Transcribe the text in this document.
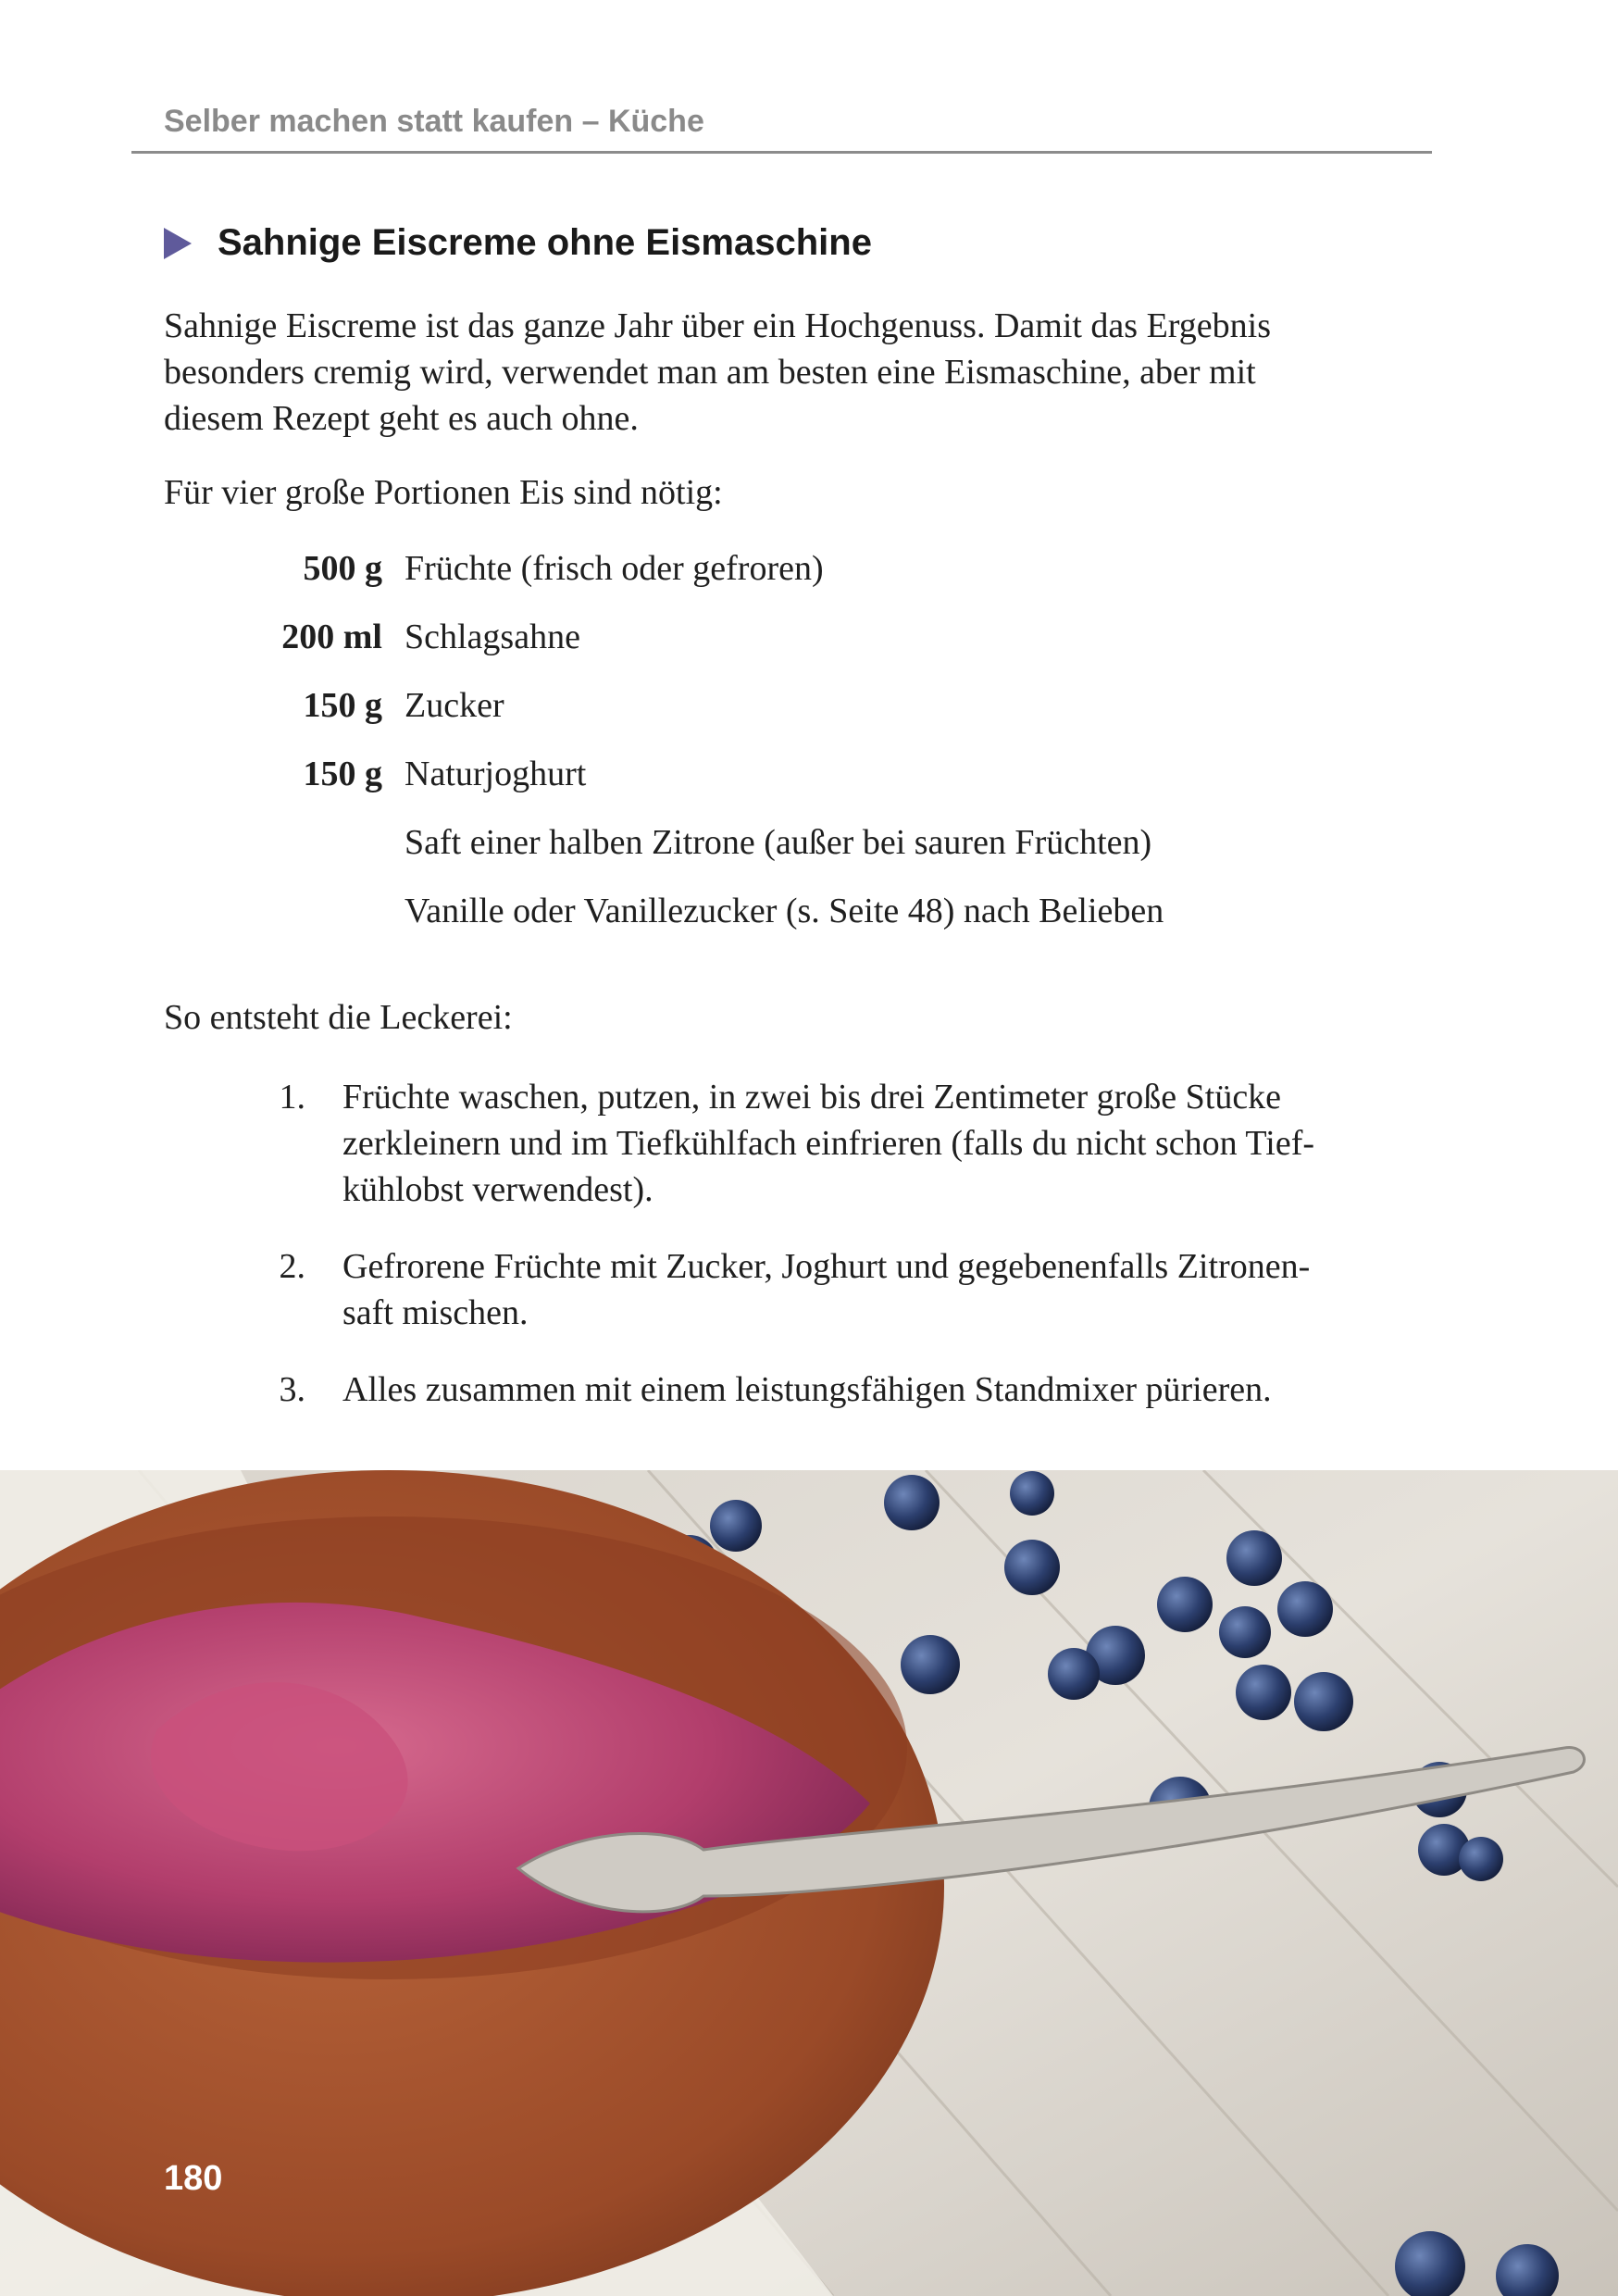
Selber machen statt kaufen – Küche
Sahnige Eiscreme ohne Eismaschine

Sahnige Eiscreme ist das ganze Jahr über ein Hochgenuss. Damit das Ergebnis
besonders cremig wird, verwendet man am besten eine Eismaschine, aber mit
diesem Rezept geht es auch ohne.

Für vier große Portionen Eis sind nötig:

500 g Früchte (frisch oder gefroren)
200 ml Schlagsahne
150 g Zucker
150 g Naturjoghurt
Saft einer halben Zitrone (außer bei sauren Früchten)
Vanille oder Vanillezucker (s. Seite 48) nach Belieben

So entsteht die Leckerei:

1. Früchte waschen, putzen, in zwei bis drei Zentimeter große Stücke
zerkleinern und im Tiefkühlfach einfrieren (falls du nicht schon Tief-
kühlobst verwendest).
2. Gefrorene Früchte mit Zucker, Joghurt und gegebenenfalls Zitronen-
saft mischen.
3. Alles zusammen mit einem leistungsfähigen Standmixer pürieren.
180
